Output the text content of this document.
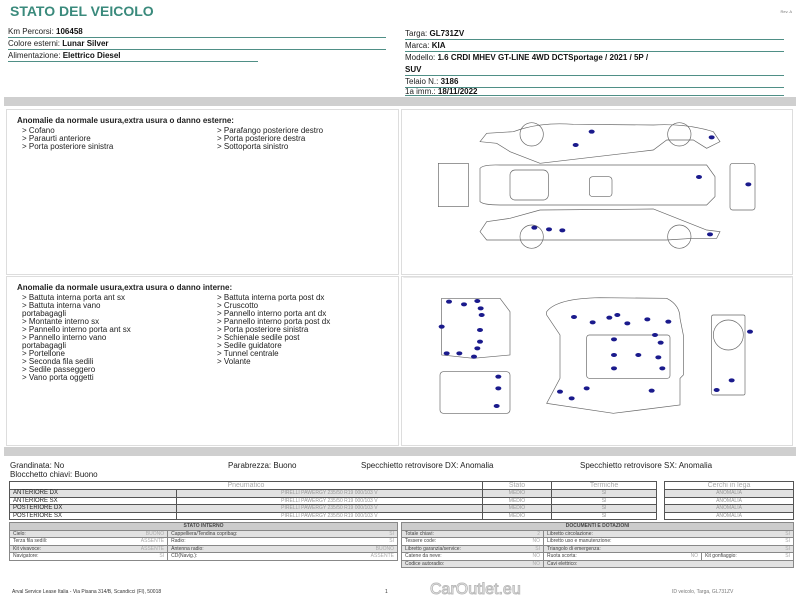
STATO DEL VEICOLO	Rev. A
Km Percorsi: 106458
Colore esterni: Lunar Silver
Alimentazione: Elettrico Diesel
Targa: GL731ZV
Marca: KIA
Modello: 1.6 CRDI MHEV GT-LINE 4WD DCTSportage / 2021 / 5P /
SUV
Telaio N.: 3186
1a imm.: 18/11/2022
Anomalie da normale usura,extra usura o danno esterne:
> Cofano
> Paraurti anteriore
> Porta posteriore sinistra
> Parafango posteriore destro
> Porta posteriore destra
> Sottoporta sinistro
Anomalie da normale usura,extra usura o danno interne:
> Battuta interna porta ant sx
> Battuta interna vano
portabagagli
> Montante interno sx
> Pannello interno porta ant sx
> Pannello interno vano
portabagagli
> Portellone
> Seconda fila sedili
> Sedile passeggero
> Vano porta oggetti
> Battuta interna porta post dx
> Cruscotto
> Pannello interno porta ant dx
> Pannello interno porta post dx
> Porta posteriore sinistra
> Schienale sedile post
> Sedile guidatore
> Tunnel centrale
> Volante
Grandinata: No
Blocchetto chiavi: Buono
Parabrezza: Buono	Specchietto retrovisore DX: Anomalia	Specchietto retrovisore SX: Anomalia
Pneumatico		Stato	Termiche
ANTERIORE DX	PIRELLI PAWERGY 235/50 R19 000/103 V	MEDIO	SI
ANTERIORE SX	PIRELLI PAWERGY 235/50 R19 000/103 V	MEDIO	SI
POSTERIORE DX	PIRELLI PAWERGY 235/50 R19 000/103 V	MEDIO	SI
POSTERIORE SX	PIRELLI PAWERGY 235/50 R19 000/103 V	MEDIO	SI
Cerchi in lega
ANOMALIA
ANOMALIA
ANOMALIA
ANOMALIA
STATO INTERNO			
Cielo:	BUONO	Cappelliera/Tendina copribag:	SI
Terza fila sedili:	ASSENTE	Radio:	SI
Kit vivavoce:	ASSENTE	Antenna radio:	BUONO
Navigatore:	SI	CD(Navig.):	ASSENTE
DOCUMENTI E DOTAZIONI					
Totale chiavi:	2	Libretto circolazione:	SI		
Tessere code:	NO	Libretto uso e manutenzione:	SI		
Libretto garanzia/service:	SI	Triangolo di emergenza:	SI		
Catene da neve:	NO	Ruota scorta:	NO	Kit gonfiaggio:	SI
Codice autoradio:	NO	Cavi elettrico:			
Arval Service Lease Italia - Via Pisana 314/B, Scandicci (FI), 50018	1	ID veicolo, Targa, GL731ZV
CarOutlet.eu
